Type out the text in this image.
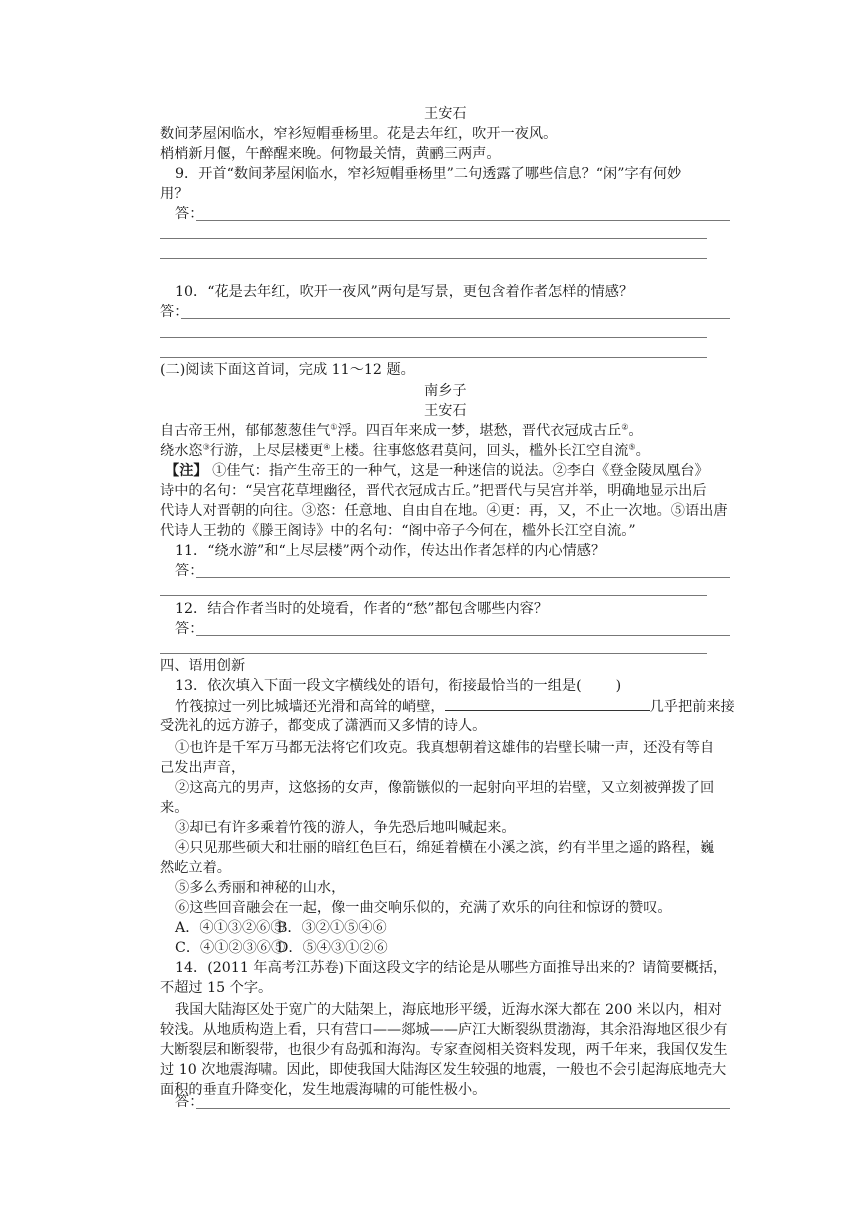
王安石
数间茅屋闲临水，窄衫短帽垂杨里。花是去年红，吹开一夜风。
梢梢新月偃，午醉醒来晚。何物最关情，黄鹂三两声。
9．开首“数间茅屋闲临水，窄衫短帽垂杨里”二句透露了哪些信息？“闲”字有何妙
用？
答：
10．“花是去年红，吹开一夜风”两句是写景，更包含着作者怎样的情感？
答：
(二)阅读下面这首词，完成 11～12 题。
南乡子
王安石
自古帝王州，郁郁葱葱佳气①浮。四百年来成一梦，堪愁，晋代衣冠成古丘②。
绕水恣③行游，上尽层楼更④上楼。往事悠悠君莫问，回头，槛外长江空自流⑤。
【注】 ①佳气：指产生帝王的一种气，这是一种迷信的说法。②李白《登金陵凤凰台》
诗中的名句：“吴宫花草埋幽径，晋代衣冠成古丘。”把晋代与吴宫并举，明确地显示出后
代诗人对晋朝的向往。③恣：任意地、自由自在地。④更：再，又，不止一次地。⑤语出唐
代诗人王勃的《滕王阁诗》中的名句：“阁中帝子今何在，槛外长江空自流。”
11．“绕水游”和“上尽层楼”两个动作，传达出作者怎样的内心情感？
答：
12．结合作者当时的处境看，作者的“愁”都包含哪些内容？
答：
四、语用创新
13．依次填入下面一段文字横线处的语句，衔接最恰当的一组是( )
竹筏掠过一列比城墙还光滑和高耸的峭壁，	几乎把前来接
受洗礼的远方游子，都变成了潇洒而又多情的诗人。
①也许是千军万马都无法将它们攻克。我真想朝着这雄伟的岩壁长啸一声，还没有等自
己发出声音，
②这高亢的男声，这悠扬的女声，像箭镞似的一起射向平坦的岩壁，又立刻被弹拨了回
来。
③却已有许多乘着竹筏的游人，争先恐后地叫喊起来。
④只见那些硕大和壮丽的暗红色巨石，绵延着横在小溪之滨，约有半里之遥的路程，巍
然屹立着。
⑤多么秀丽和神秘的山水，
⑥这些回音融会在一起，像一曲交响乐似的，充满了欢乐的向往和惊讶的赞叹。
A．④①③②⑥⑤
B．③②①⑤④⑥
C．④①②③⑥⑤
D．⑤④③①②⑥
14．(2011 年高考江苏卷)下面这段文字的结论是从哪些方面推导出来的？请简要概括，
不超过 15 个字。
我国大陆海区处于宽广的大陆架上，海底地形平缓，近海水深大都在 200 米以内，相对
较浅。从地质构造上看，只有营口——郯城——庐江大断裂纵贯渤海，其余沿海地区很少有
大断裂层和断裂带，也很少有岛弧和海沟。专家查阅相关资料发现，两千年来，我国仅发生
过 10 次地震海啸。因此，即使我国大陆海区发生较强的地震，一般也不会引起海底地壳大
面积的垂直升降变化，发生地震海啸的可能性极小。
答：
